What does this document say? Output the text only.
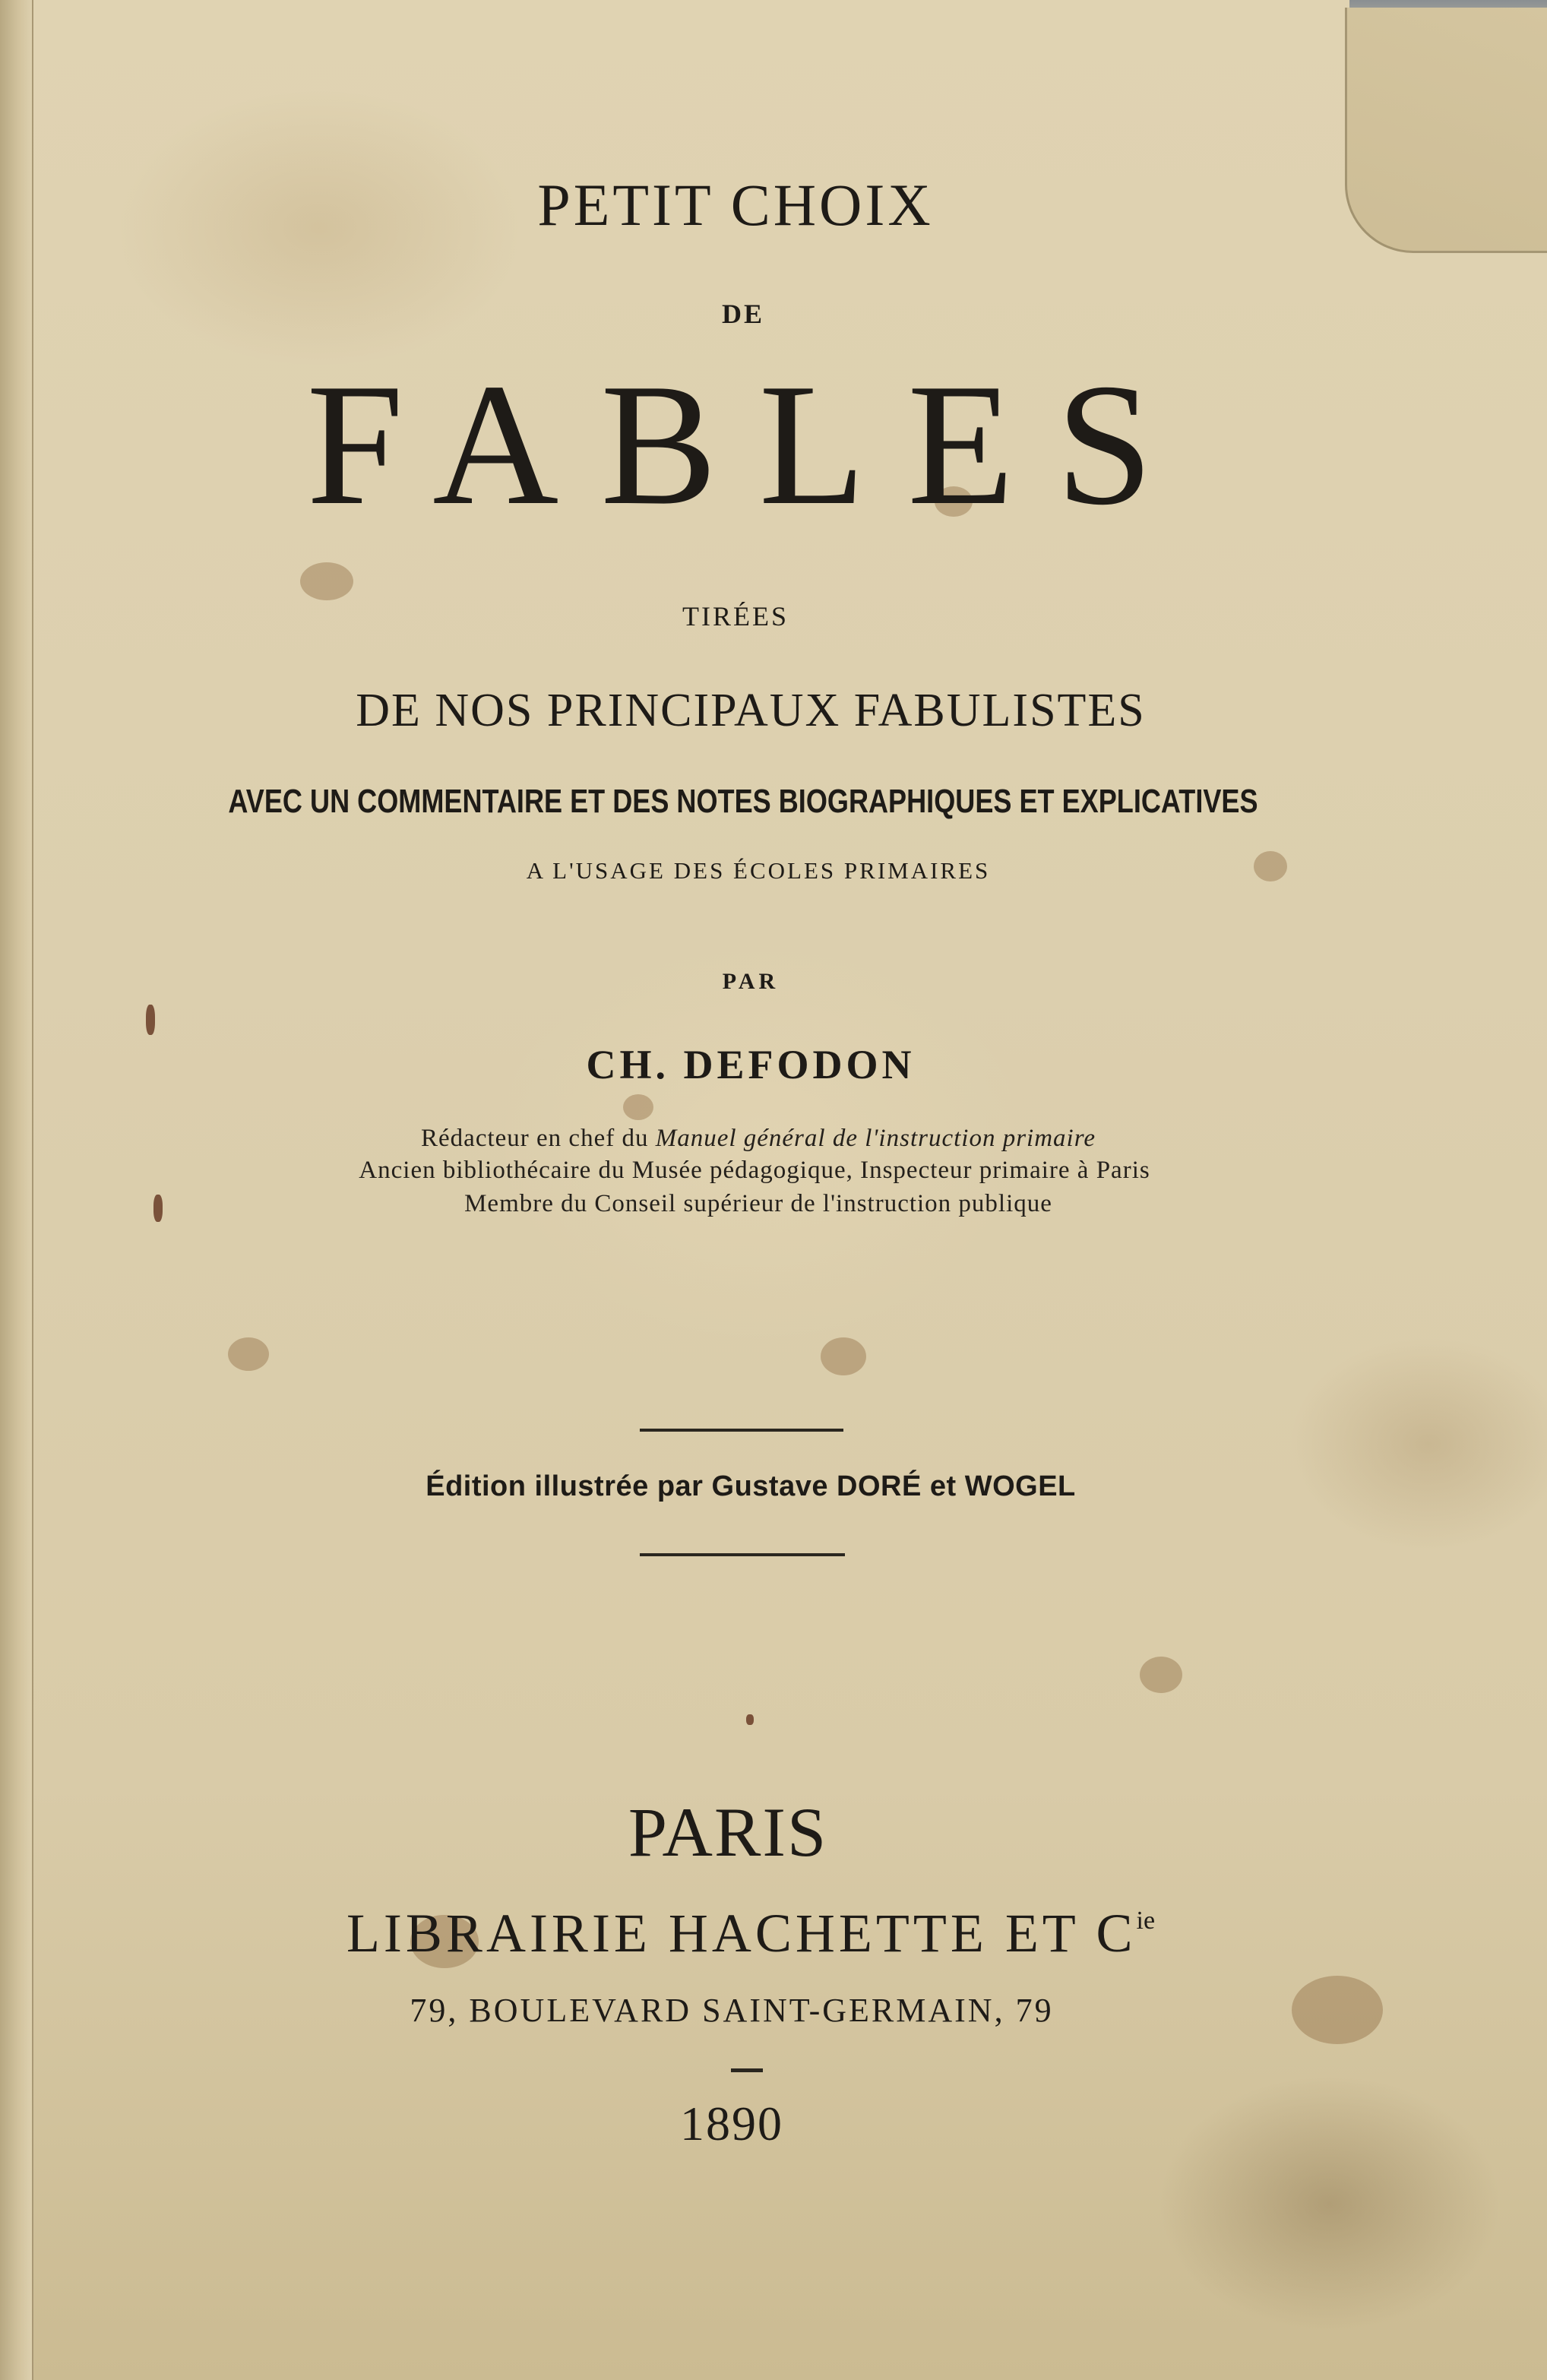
PETIT CHOIX

DE

FABLES

TIRÉES

DE NOS PRINCIPAUX FABULISTES

AVEC UN COMMENTAIRE ET DES NOTES BIOGRAPHIQUES ET EXPLICATIVES

A L'USAGE DES ÉCOLES PRIMAIRES

PAR

CH. DEFODON

Rédacteur en chef du Manuel général de l'instruction primaire

Ancien bibliothécaire du Musée pédagogique, Inspecteur primaire à Paris

Membre du Conseil supérieur de l'instruction publique

Édition illustrée par Gustave DORÉ et WOGEL

PARIS

LIBRAIRIE HACHETTE ET $C^{ie}$

79, BOULEVARD SAINT-GERMAIN, 79

1890
